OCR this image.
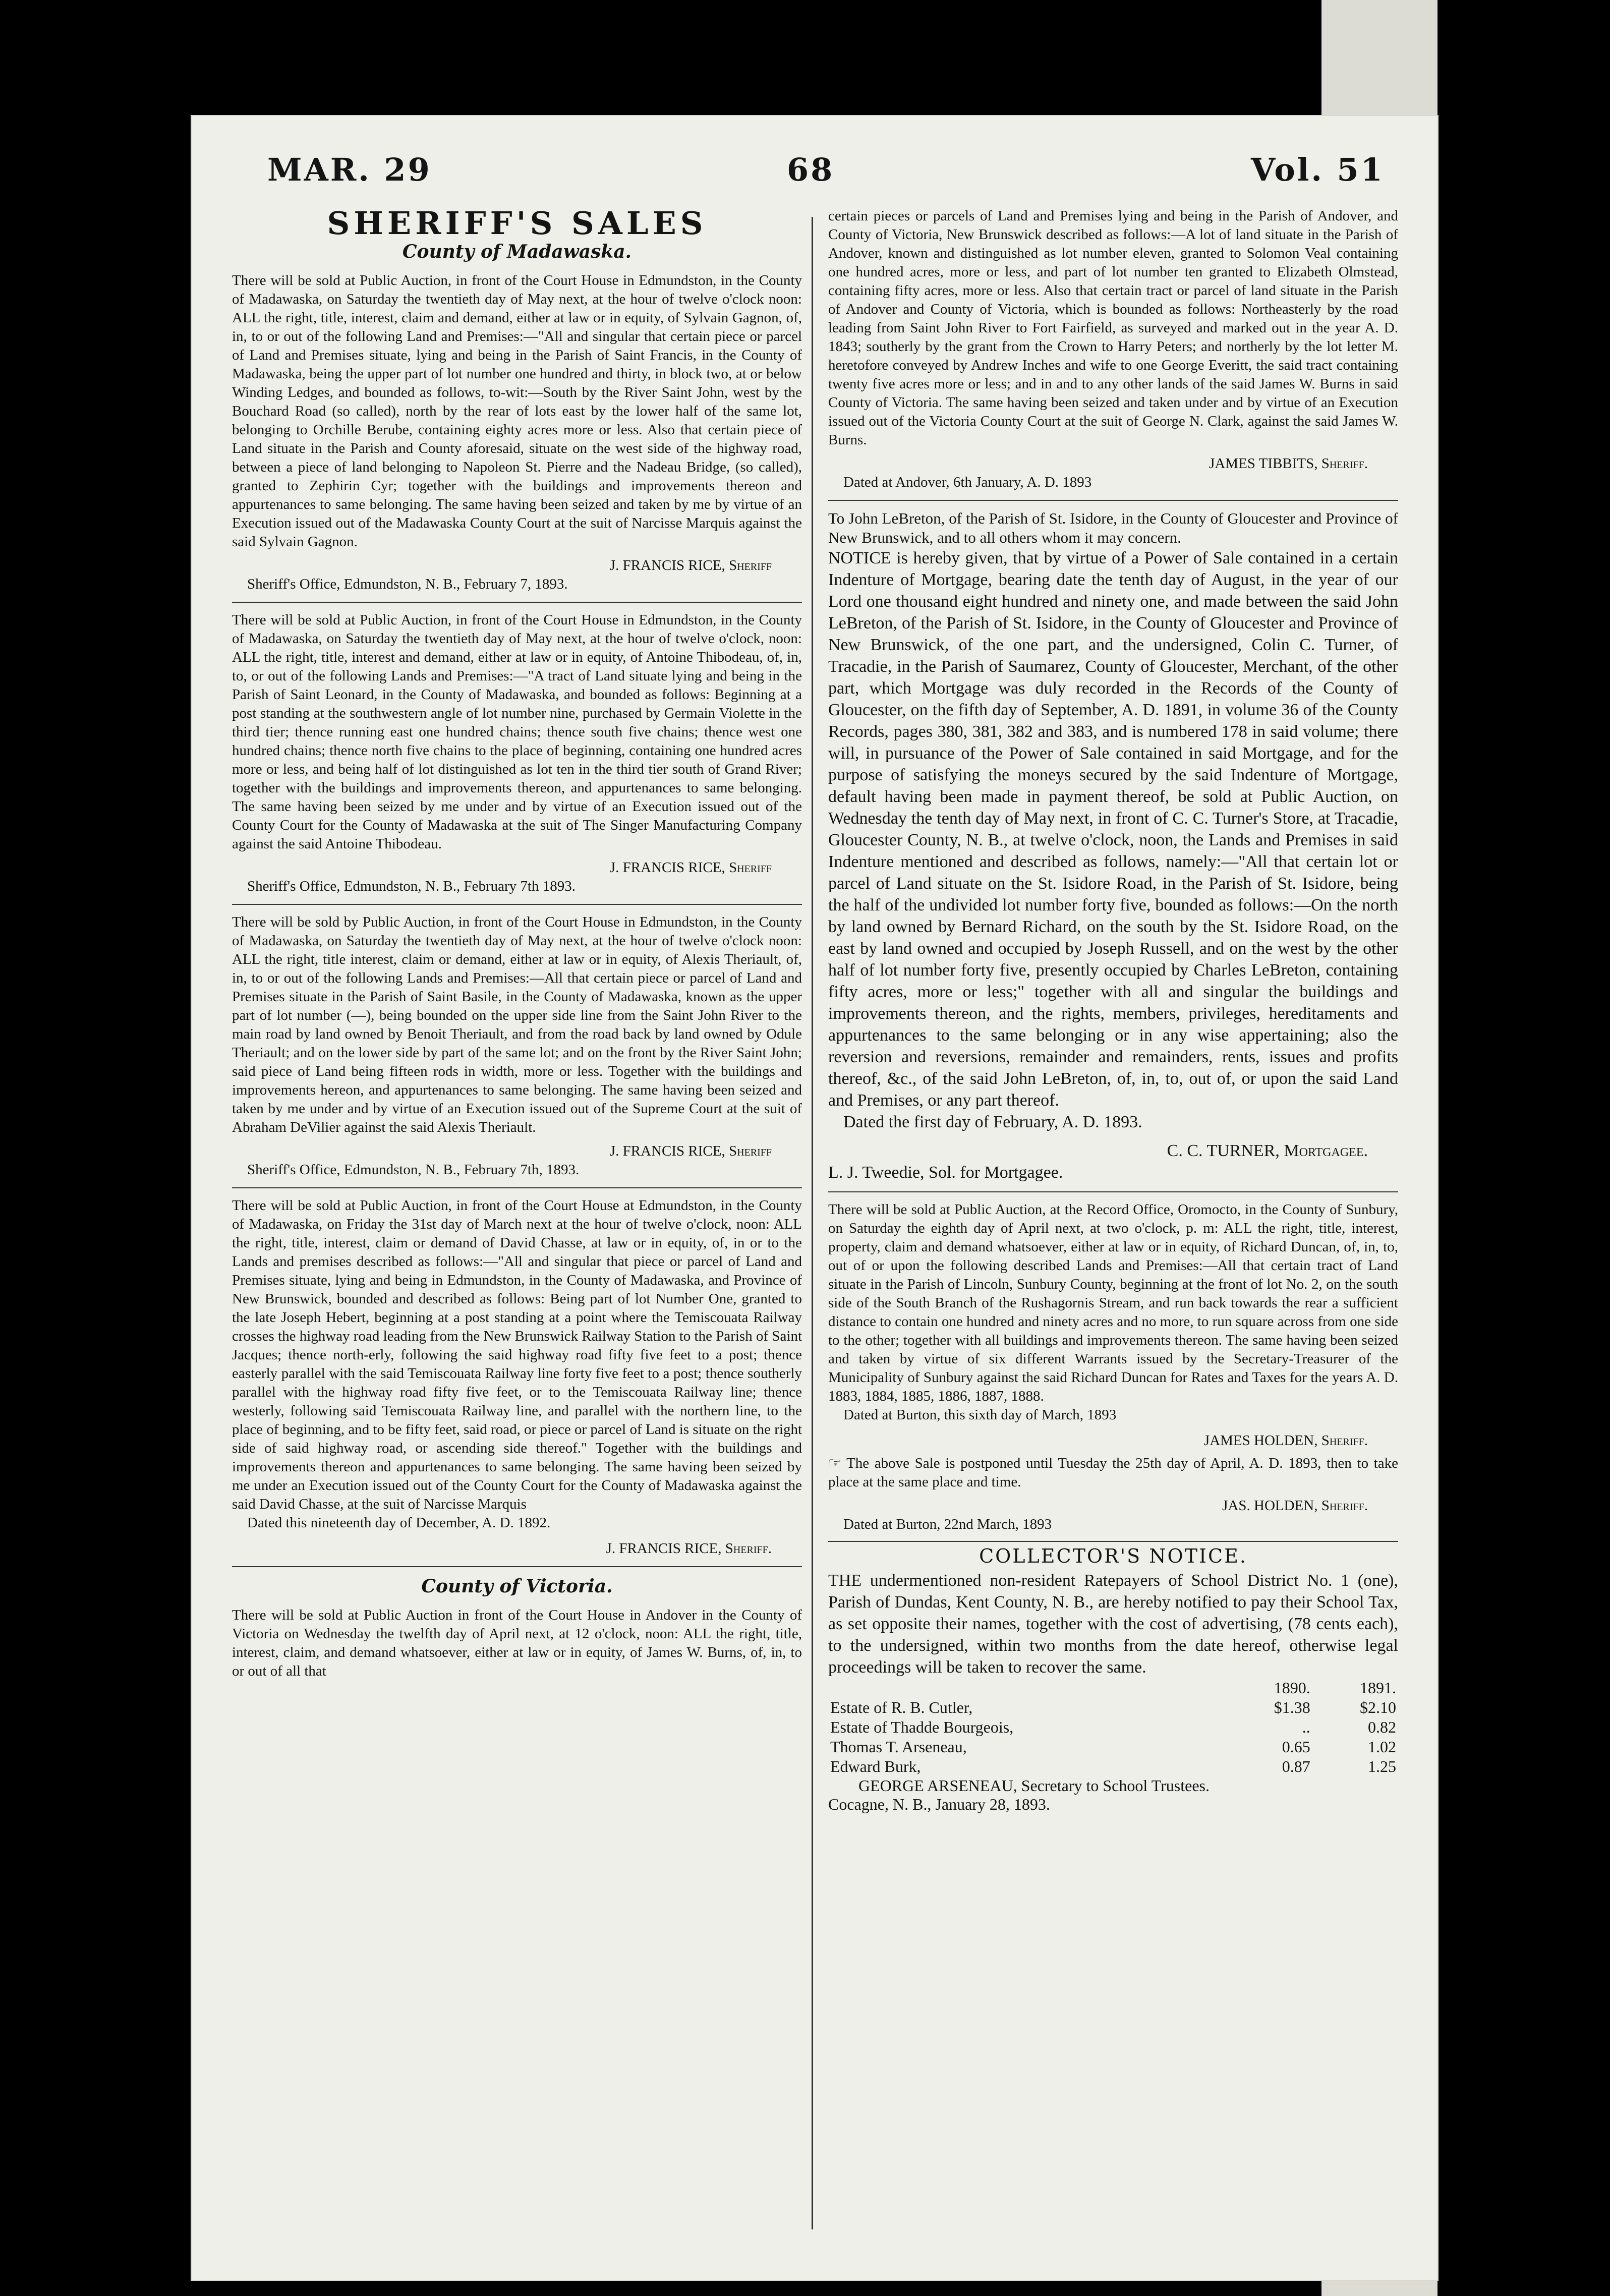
MAR. 29	68	Vol. 51
SHERIFF'S SALES
County of Madawaska.

There will be sold at Public Auction, in front of the Court House in Edmundston, in the County of Madawaska, on Saturday the twentieth day of May next, at the hour of twelve o'clock noon: ALL the right, title, interest, claim and demand, either at law or in equity, of Sylvain Gagnon, of, in, to or out of the following Land and Premises:—"All and singular that certain piece or parcel of Land and Premises situate, lying and being in the Parish of Saint Francis, in the County of Madawaska, being the upper part of lot number one hundred and thirty, in block two, at or below Winding Ledges, and bounded as follows, to-wit:—South by the River Saint John, west by the Bouchard Road (so called), north by the rear of lots east by the lower half of the same lot, belonging to Orchille Berube, containing eighty acres more or less. Also that certain piece of Land situate in the Parish and County aforesaid, situate on the west side of the highway road, between a piece of land belonging to Napoleon St. Pierre and the Nadeau Bridge, (so called), granted to Zephirin Cyr; together with the buildings and improvements thereon and appurtenances to same belonging. The same having been seized and taken by me by virtue of an Execution issued out of the Madawaska County Court at the suit of Narcisse Marquis against the said Sylvain Gagnon.

J. FRANCIS RICE, Sheriff
Sheriff's Office, Edmundston, N. B., February 7, 1893.

There will be sold at Public Auction, in front of the Court House in Edmundston, in the County of Madawaska, on Saturday the twentieth day of May next, at the hour of twelve o'clock, noon: ALL the right, title, interest and demand, either at law or in equity, of Antoine Thibodeau, of, in, to, or out of the following Lands and Premises:—"A tract of Land situate lying and being in the Parish of Saint Leonard, in the County of Madawaska, and bounded as follows: Beginning at a post standing at the southwestern angle of lot number nine, purchased by Germain Violette in the third tier; thence running east one hundred chains; thence south five chains; thence west one hundred chains; thence north five chains to the place of beginning, containing one hundred acres more or less, and being half of lot distinguished as lot ten in the third tier south of Grand River; together with the buildings and improvements thereon, and appurtenances to same belonging. The same having been seized by me under and by virtue of an Execution issued out of the County Court for the County of Madawaska at the suit of The Singer Manufacturing Company against the said Antoine Thibodeau.

J. FRANCIS RICE, Sheriff
Sheriff's Office, Edmundston, N. B., February 7th 1893.

There will be sold by Public Auction, in front of the Court House in Edmundston, in the County of Madawaska, on Saturday the twentieth day of May next, at the hour of twelve o'clock noon: ALL the right, title interest, claim or demand, either at law or in equity, of Alexis Theriault, of, in, to or out of the following Lands and Premises:—All that certain piece or parcel of Land and Premises situate in the Parish of Saint Basile, in the County of Madawaska, known as the upper part of lot number (—), being bounded on the upper side line from the Saint John River to the main road by land owned by Benoit Theriault, and from the road back by land owned by Odule Theriault; and on the lower side by part of the same lot; and on the front by the River Saint John; said piece of Land being fifteen rods in width, more or less. Together with the buildings and improvements hereon, and appurtenances to same belonging. The same having been seized and taken by me under and by virtue of an Execution issued out of the Supreme Court at the suit of Abraham DeVilier against the said Alexis Theriault.

J. FRANCIS RICE, Sheriff
Sheriff's Office, Edmundston, N. B., February 7th, 1893.

There will be sold at Public Auction, in front of the Court House at Edmundston, in the County of Madawaska, on Friday the 31st day of March next at the hour of twelve o'clock, noon: ALL the right, title, interest, claim or demand of David Chasse, at law or in equity, of, in or to the Lands and premises described as follows:—"All and singular that piece or parcel of Land and Premises situate, lying and being in Edmundston, in the County of Madawaska, and Province of New Brunswick, bounded and described as follows: Being part of lot Number One, granted to the late Joseph Hebert, beginning at a post standing at a point where the Temiscouata Railway crosses the highway road leading from the New Brunswick Railway Station to the Parish of Saint Jacques; thence north-erly, following the said highway road fifty five feet to a post; thence easterly parallel with the said Temiscouata Railway line forty five feet to a post; thence southerly parallel with the highway road fifty five feet, or to the Temiscouata Railway line; thence westerly, following said Temiscouata Railway line, and parallel with the northern line, to the place of beginning, and to be fifty feet, said road, or piece or parcel of Land is situate on the right side of said highway road, or ascending side thereof." Together with the buildings and improvements thereon and appurtenances to same belonging. The same having been seized by me under an Execution issued out of the County Court for the County of Madawaska against the said David Chasse, at the suit of Narcisse Marquis

Dated this nineteenth day of December, A. D. 1892.
J. FRANCIS RICE, Sheriff.
County of Victoria.

There will be sold at Public Auction in front of the Court House in Andover in the County of Victoria on Wednesday the twelfth day of April next, at 12 o'clock, noon: ALL the right, title, interest, claim, and demand whatsoever, either at law or in equity, of James W. Burns, of, in, to or out of all that

certain pieces or parcels of Land and Premises lying and being in the Parish of Andover, and County of Victoria, New Brunswick described as follows:—A lot of land situate in the Parish of Andover, known and distinguished as lot number eleven, granted to Solomon Veal containing one hundred acres, more or less, and part of lot number ten granted to Elizabeth Olmstead, containing fifty acres, more or less. Also that certain tract or parcel of land situate in the Parish of Andover and County of Victoria, which is bounded as follows: Northeasterly by the road leading from Saint John River to Fort Fairfield, as surveyed and marked out in the year A. D. 1843; southerly by the grant from the Crown to Harry Peters; and northerly by the lot letter M. heretofore conveyed by Andrew Inches and wife to one George Everitt, the said tract containing twenty five acres more or less; and in and to any other lands of the said James W. Burns in said County of Victoria. The same having been seized and taken under and by virtue of an Execution issued out of the Victoria County Court at the suit of George N. Clark, against the said James W. Burns.

JAMES TIBBITS, Sheriff.
Dated at Andover, 6th January, A. D. 1893

To John LeBreton, of the Parish of St. Isidore, in the County of Gloucester and Province of New Brunswick, and to all others whom it may concern.

NOTICE is hereby given, that by virtue of a Power of Sale contained in a certain Indenture of Mortgage, bearing date the tenth day of August, in the year of our Lord one thousand eight hundred and ninety one, and made between the said John LeBreton, of the Parish of St. Isidore, in the County of Gloucester and Province of New Brunswick, of the one part, and the undersigned, Colin C. Turner, of Tracadie, in the Parish of Saumarez, County of Gloucester, Merchant, of the other part, which Mortgage was duly recorded in the Records of the County of Gloucester, on the fifth day of September, A. D. 1891, in volume 36 of the County Records, pages 380, 381, 382 and 383, and is numbered 178 in said volume; there will, in pursuance of the Power of Sale contained in said Mortgage, and for the purpose of satisfying the moneys secured by the said Indenture of Mortgage, default having been made in payment thereof, be sold at Public Auction, on Wednesday the tenth day of May next, in front of C. C. Turner's Store, at Tracadie, Gloucester County, N. B., at twelve o'clock, noon, the Lands and Premises in said Indenture mentioned and described as follows, namely:—"All that certain lot or parcel of Land situate on the St. Isidore Road, in the Parish of St. Isidore, being the half of the undivided lot number forty five, bounded as follows:—On the north by land owned by Bernard Richard, on the south by the St. Isidore Road, on the east by land owned and occupied by Joseph Russell, and on the west by the other half of lot number forty five, presently occupied by Charles LeBreton, containing fifty acres, more or less;" together with all and singular the buildings and improvements thereon, and the rights, members, privileges, hereditaments and appurtenances to the same belonging or in any wise appertaining; also the reversion and reversions, remainder and remainders, rents, issues and profits thereof, &c., of the said John LeBreton, of, in, to, out of, or upon the said Land and Premises, or any part thereof.

Dated the first day of February, A. D. 1893.
C. C. TURNER, Mortgagee.
L. J. Tweedie, Sol. for Mortgagee.

There will be sold at Public Auction, at the Record Office, Oromocto, in the County of Sunbury, on Saturday the eighth day of April next, at two o'clock, p. m: ALL the right, title, interest, property, claim and demand whatsoever, either at law or in equity, of Richard Duncan, of, in, to, out of or upon the following described Lands and Premises:—All that certain tract of Land situate in the Parish of Lincoln, Sunbury County, beginning at the front of lot No. 2, on the south side of the South Branch of the Rushagornis Stream, and run back towards the rear a sufficient distance to contain one hundred and ninety acres and no more, to run square across from one side to the other; together with all buildings and improvements thereon. The same having been seized and taken by virtue of six different Warrants issued by the Secretary-Treasurer of the Municipality of Sunbury against the said Richard Duncan for Rates and Taxes for the years A. D. 1883, 1884, 1885, 1886, 1887, 1888.

Dated at Burton, this sixth day of March, 1893
JAMES HOLDEN, Sheriff.

☞ The above Sale is postponed until Tuesday the 25th day of April, A. D. 1893, then to take place at the same place and time.

JAS. HOLDEN, Sheriff.
Dated at Burton, 22nd March, 1893
COLLECTOR'S NOTICE.

THE undermentioned non-resident Ratepayers of School District No. 1 (one), Parish of Dundas, Kent County, N. B., are hereby notified to pay their School Tax, as set opposite their names, together with the cost of advertising, (78 cents each), to the undersigned, within two months from the date hereof, otherwise legal proceedings will be taken to recover the same.

	1890.	1891.
Estate of R. B. Cutler,	$1.38	$2.10
Estate of Thadde Bourgeois,	..	0.82
Thomas T. Arseneau,	0.65	1.02
Edward Burk,	0.87	1.25
GEORGE ARSENEAU, Secretary to School Trustees.
Cocagne, N. B., January 28, 1893.
